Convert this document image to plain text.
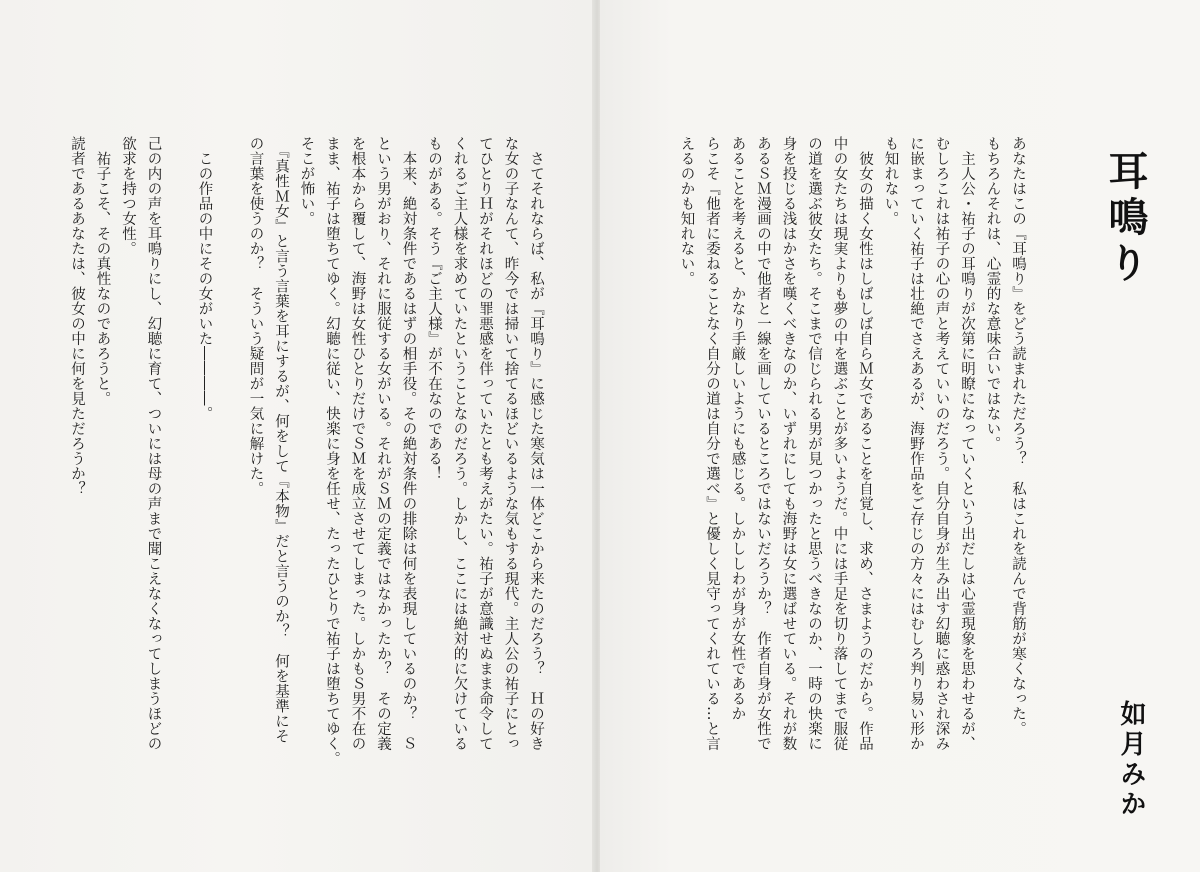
　さてそれならば、私が『耳鳴り』に感じた寒気は一体どこから来たのだろう？　Ｈの好き
な女の子なんて、昨今では掃いて捨てるほどいるような気もする現代。主人公の祐子にとっ
てひとりＨがそれほどの罪悪感を伴っていたとも考えがたい。祐子が意識せぬまま命令して
くれるご主人様を求めていたということなのだろう。しかし、ここには絶対的に欠けている
ものがある。そう『ご主人様』が不在なのである！
　本来、絶対条件であるはずの相手役。その絶対条件の排除は何を表現しているのか？　Ｓ
という男がおり、それに服従する女がいる。それがＳＭの定義ではなかったか？　その定義
を根本から覆して、海野は女性ひとりだけでＳＭを成立させてしまった。しかもＳ男不在の
まま、祐子は堕ちてゆく。幻聴に従い、快楽に身を任せ、たったひとりで祐子は堕ちてゆく。
そこが怖い。
　『真性Ｍ女』と言う言葉を耳にするが、何をして『本物』だと言うのか？　何を基準にそ
の言葉を使うのか？　そういう疑問が一気に解けた。

　この作品の中にその女がいた――――。

己の内の声を耳鳴りにし、幻聴に育て、ついには母の声まで聞こえなくなってしまうほどの
欲求を持つ女性。
　祐子こそ、その真性なのであろうと。
読者であるあなたは、彼女の中に何を見ただろうか？	耳鳴り
あなたはこの『耳鳴り』をどう読まれただろう？　私はこれを読んで背筋が寒くなった。
もちろんそれは、心霊的な意味合いではない。
　主人公・祐子の耳鳴りが次第に明瞭になっていくという出だしは心霊現象を思わせるが、
むしろこれは祐子の心の声と考えていいのだろう。自分自身が生み出す幻聴に惑わされ深み
に嵌まっていく祐子は壮絶でさえあるが、海野作品をご存じの方々にはむしろ判り易い形か
も知れない。
　彼女の描く女性はしばしば自らＭ女であることを自覚し、求め、さまようのだから。作品
中の女たちは現実よりも夢の中を選ぶことが多いようだ。中には手足を切り落してまで服従
の道を選ぶ彼女たち。そこまで信じられる男が見つかったと思うべきなのか、一時の快楽に
身を投じる浅はかさを嘆くべきなのか、いずれにしても海野は女に選ばせている。それが数
あるＳＭ漫画の中で他者と一線を画しているところではないだろうか？　作者自身が女性で
あることを考えると、かなり手厳しいようにも感じる。しかししわが身が女性であるか
らこそ『他者に委ねることなく自分の道は自分で選べ』と優しく見守ってくれている…と言
えるのかも知れない。
如月みか
